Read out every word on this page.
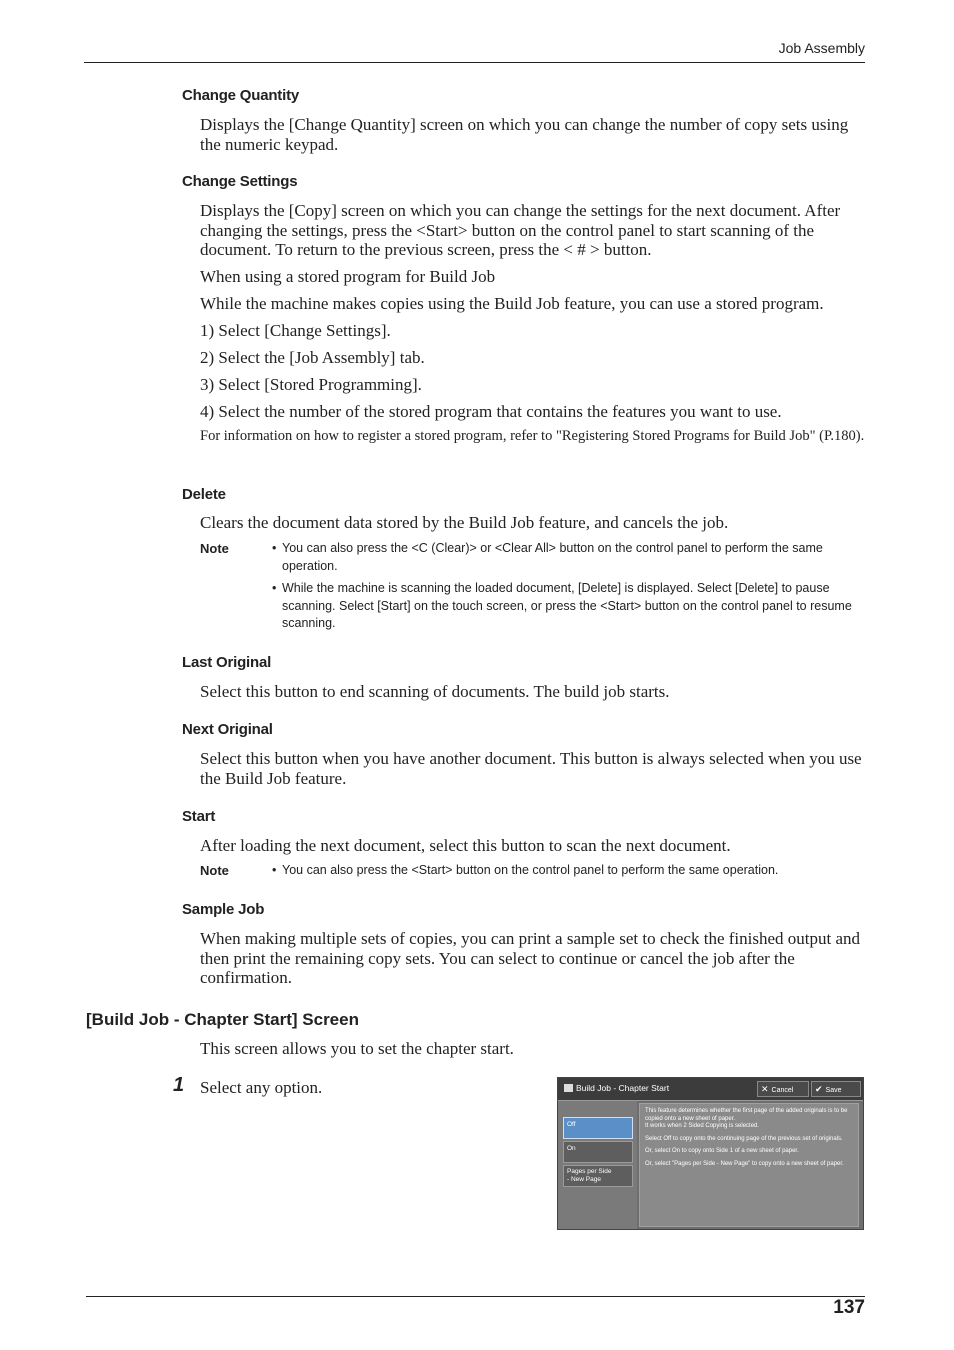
Job Assembly
Change Quantity
Displays the [Change Quantity] screen on which you can change the number of copy sets using the numeric keypad.
Change Settings
Displays the [Copy] screen on which you can change the settings for the next document. After changing the settings, press the <Start> button on the control panel to start scanning of the document. To return to the previous screen, press the < # > button.
When using a stored program for Build Job
While the machine makes copies using the Build Job feature, you can use a stored program.
1) Select [Change Settings].
2) Select the [Job Assembly] tab.
3) Select [Stored Programming].
4) Select the number of the stored program that contains the features you want to use.
For information on how to register a stored program, refer to "Registering Stored Programs for Build Job" (P.180).
Delete
Clears the document data stored by the Build Job feature, and cancels the job.
Note	• You can also press the <C (Clear)> or <Clear All> button on the control panel to perform the same operation.
• While the machine is scanning the loaded document, [Delete] is displayed. Select [Delete] to pause scanning. Select [Start] on the touch screen, or press the <Start> button on the control panel to resume scanning.
Last Original
Select this button to end scanning of documents. The build job starts.
Next Original
Select this button when you have another document. This button is always selected when you use the Build Job feature.
Start
After loading the next document, select this button to scan the next document.
Note	• You can also press the <Start> button on the control panel to perform the same operation.
Sample Job
When making multiple sets of copies, you can print a sample set to check the finished output and then print the remaining copy sets. You can select to continue or cancel the job after the confirmation.
[Build Job - Chapter Start] Screen
This screen allows you to set the chapter start.
1 Select any option.	Build Job - Chapter Start	✕ Cancel	✔ Save
Off
On
Pages per Side
- New Page

This feature determines whether the first page of the added originals is to be copied onto a new sheet of paper.
It works when 2 Sided Copying is selected.

Select Off to copy onto the continuing page of the previous set of originals.

Or, select On to copy onto Side 1 of a new sheet of paper.

Or, select "Pages per Side - New Page" to copy onto a new sheet of paper.

137
